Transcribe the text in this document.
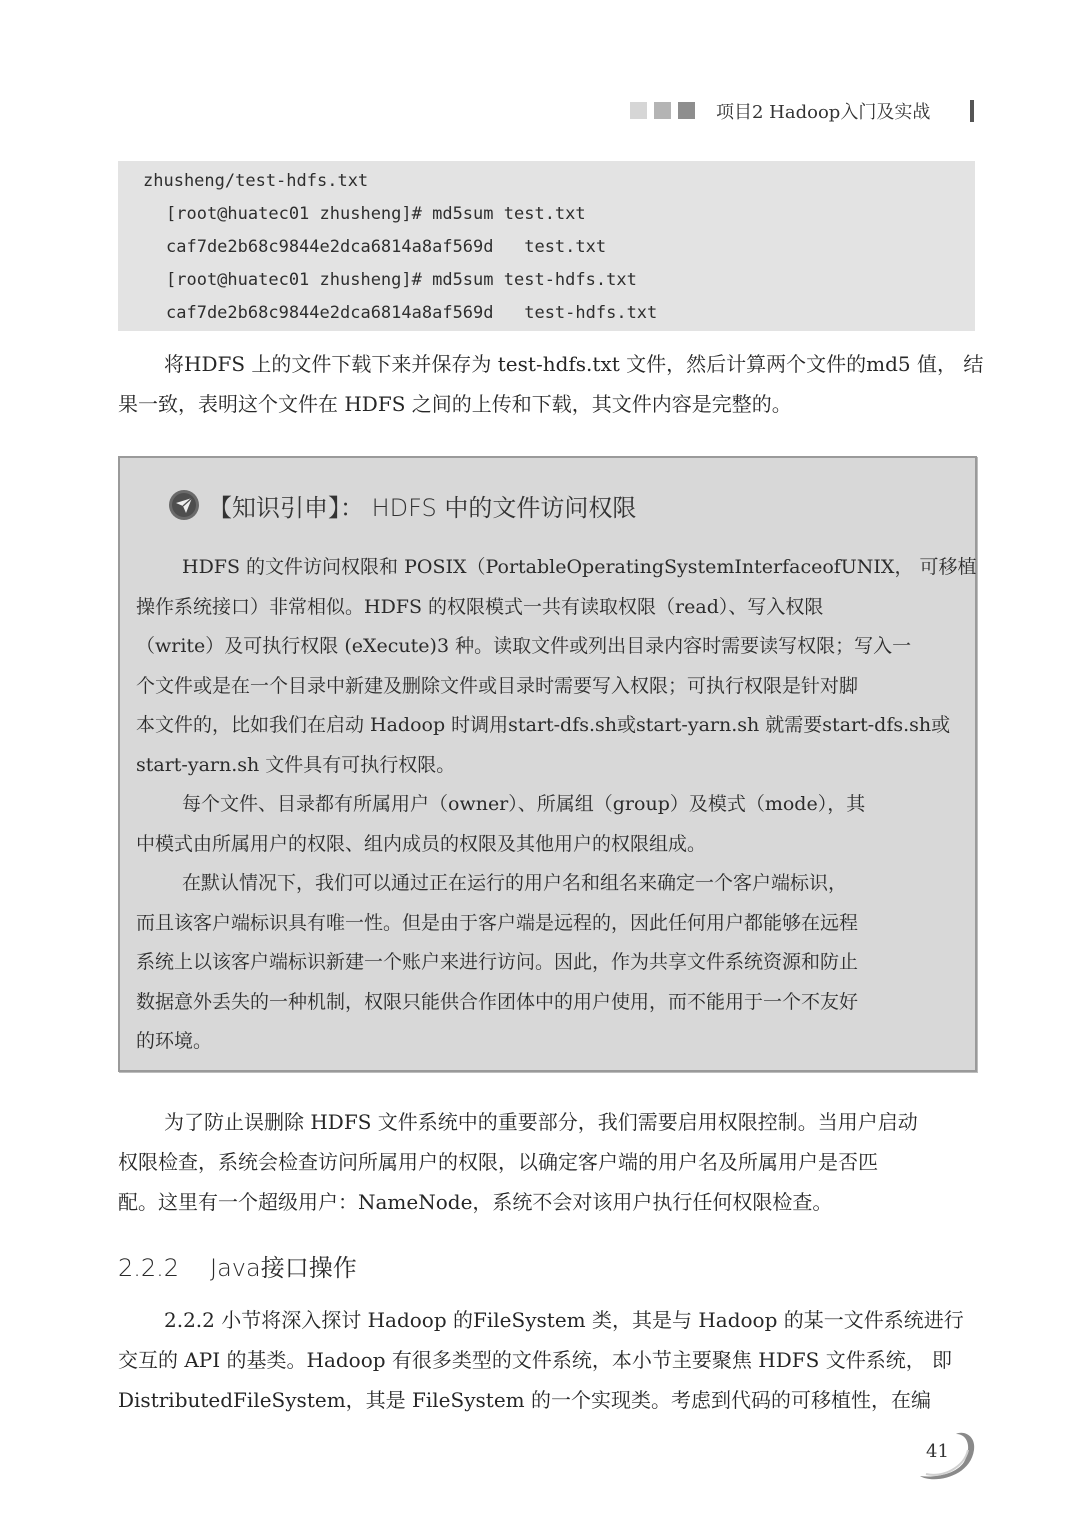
项目2 Hadoop入门及实战
zhusheng/test-hdfs.txt
[root@huatec01 zhusheng]# md5sum test.txt
caf7de2b68c9844e2dca6814a8af569d   test.txt
[root@huatec01 zhusheng]# md5sum test-hdfs.txt
caf7de2b68c9844e2dca6814a8af569d   test-hdfs.txt

将HDFS 上的文件下载下来并保存为 test-hdfs.txt 文件，然后计算两个文件的md5 值， 结

果一致，表明这个文件在 HDFS 之间的上传和下载，其文件内容是完整的。

【知识引申】： HDFS 中的文件访问权限

HDFS 的文件访问权限和 POSIX（PortableOperatingSystemInterfaceofUNIX， 可移植

操作系统接口）非常相似。HDFS 的权限模式一共有读取权限（read）、写入权限

（write）及可执行权限 (eXecute)3 种。读取文件或列出目录内容时需要读写权限；写入一

个文件或是在一个目录中新建及删除文件或目录时需要写入权限；可执行权限是针对脚

本文件的，比如我们在启动 Hadoop 时调用start-dfs.sh或start-yarn.sh 就需要start-dfs.sh或

start-yarn.sh 文件具有可执行权限。

每个文件、目录都有所属用户（owner）、所属组（group）及模式（mode），其

中模式由所属用户的权限、组内成员的权限及其他用户的权限组成。

在默认情况下，我们可以通过正在运行的用户名和组名来确定一个客户端标识，

而且该客户端标识具有唯一性。但是由于客户端是远程的，因此任何用户都能够在远程

系统上以该客户端标识新建一个账户来进行访问。因此，作为共享文件系统资源和防止

数据意外丢失的一种机制，权限只能供合作团体中的用户使用，而不能用于一个不友好

的环境。

为了防止误删除 HDFS 文件系统中的重要部分，我们需要启用权限控制。当用户启动

权限检查，系统会检查访问所属用户的权限，以确定客户端的用户名及所属用户是否匹

配。这里有一个超级用户：NameNode，系统不会对该用户执行任何权限检查。

2.2.2 Java接口操作

2.2.2 小节将深入探讨 Hadoop 的FileSystem 类，其是与 Hadoop 的某一文件系统进行

交互的 API 的基类。Hadoop 有很多类型的文件系统，本小节主要聚焦 HDFS 文件系统， 即

DistributedFileSystem，其是 FileSystem 的一个实现类。考虑到代码的可移植性，在编

41
